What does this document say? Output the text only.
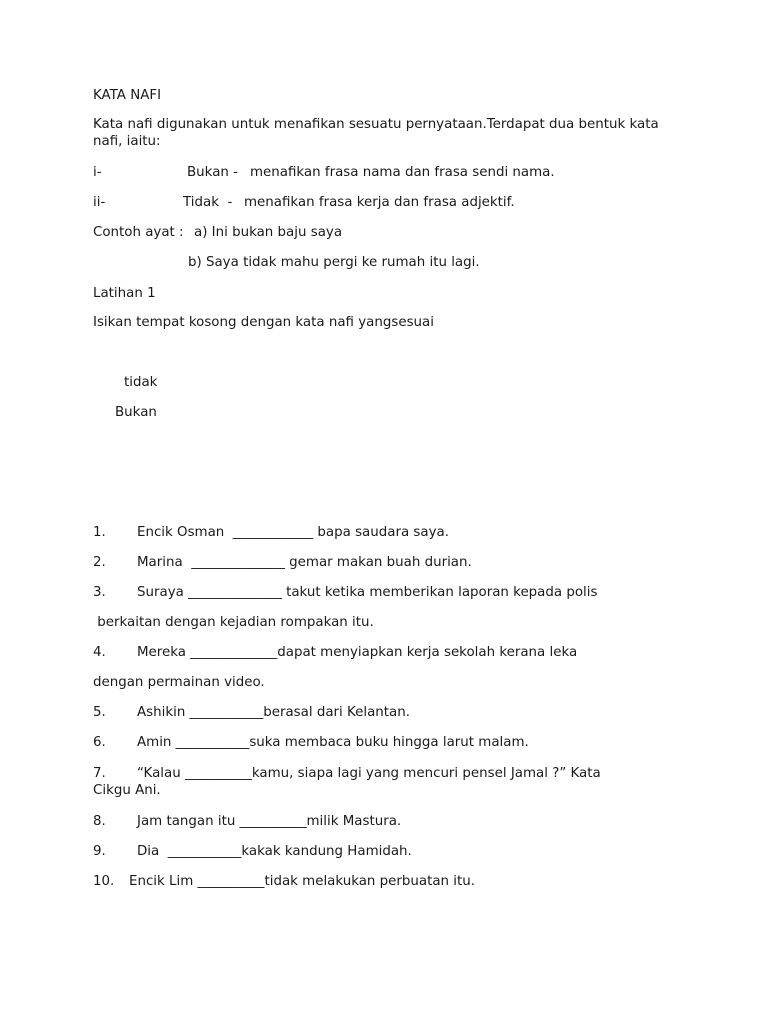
KATA NAFI
Kata nafi digunakan untuk menafikan sesuatu pernyataan.Terdapat dua bentuk kata nafi, iaitu:
i-	Bukan - menafikan frasa nama dan frasa sendi nama.
ii-	Tidak  - menafikan frasa kerja dan frasa adjektif.
Contoh ayat : a) Ini bukan baju saya
b) Saya tidak mahu pergi ke rumah itu lagi.
Latihan 1
Isikan tempat kosong dengan kata nafi yangsesuai
tidak
Bukan
1. Encik Osman  ____________ bapa saudara saya.
2. Marina  ______________ gemar makan buah durian.
3. Suraya ______________ takut ketika memberikan laporan kepada polis
berkaitan dengan kejadian rompakan itu.
4. Mereka _____________dapat menyiapkan kerja sekolah kerana leka
dengan permainan video.
5. Ashikin ___________berasal dari Kelantan.
6. Amin ___________suka membaca buku hingga larut malam.
7. “Kalau __________kamu, siapa lagi yang mencuri pensel Jamal ?” Kata
Cikgu Ani.
8. Jam tangan itu __________milik Mastura.
9. Dia  ___________kakak kandung Hamidah.
10. Encik Lim __________tidak melakukan perbuatan itu.
